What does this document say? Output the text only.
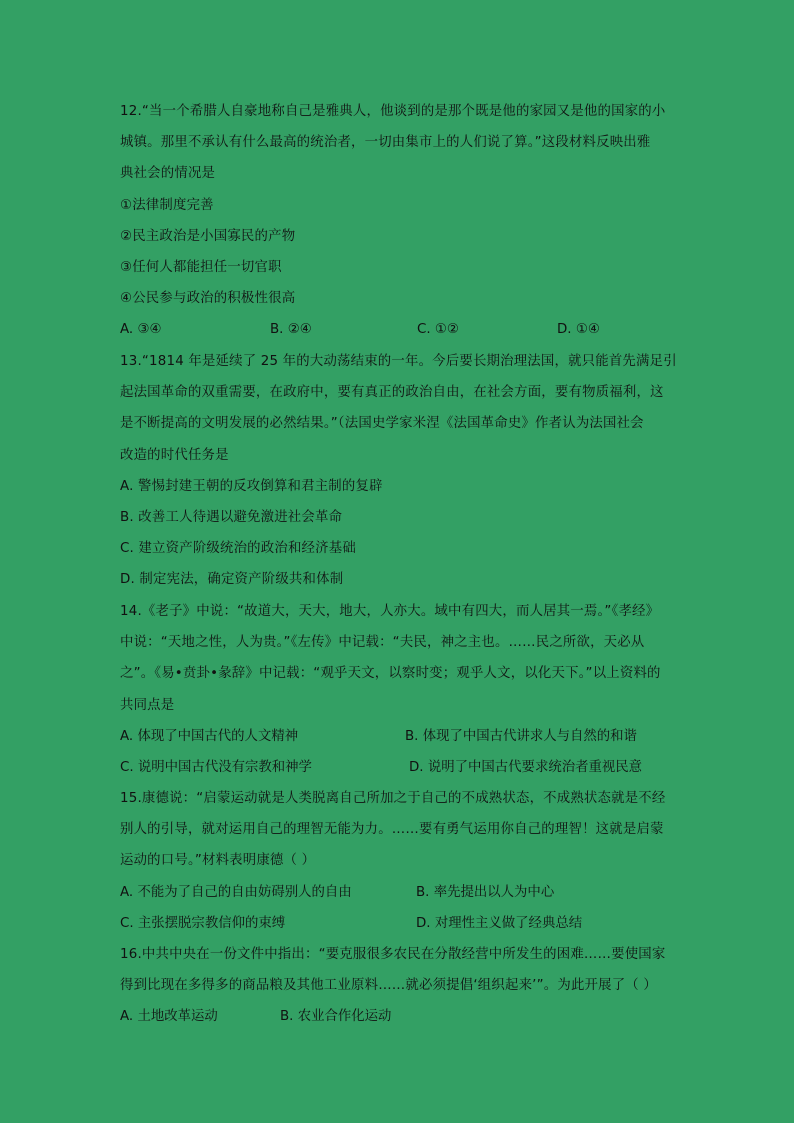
12.“当一个希腊人自豪地称自己是雅典人，他谈到的是那个既是他的家园又是他的国家的小
城镇。那里不承认有什么最高的统治者，一切由集市上的人们说了算。”这段材料反映出雅
典社会的情况是
①法律制度完善
②民主政治是小国寡民的产物
③任何人都能担任一切官职
④公民参与政治的积极性很高
A. ③④	B. ②④	C. ①②	D. ①④
13.“1814 年是延续了 25 年的大动荡结束的一年。今后要长期治理法国，就只能首先满足引
起法国革命的双重需要，在政府中，要有真正的政治自由，在社会方面，要有物质福利，这
是不断提高的文明发展的必然结果。”（法国史学家米涅《法国革命史》作者认为法国社会
改造的时代任务是
A. 警惕封建王朝的反攻倒算和君主制的复辟
B. 改善工人待遇以避免激进社会革命
C. 建立资产阶级统治的政治和经济基础
D. 制定宪法，确定资产阶级共和体制
14.《老子》中说：“故道大，天大，地大，人亦大。域中有四大，而人居其一焉。”《孝经》
中说：“天地之性，人为贵。”《左传》中记载：“夫民，神之主也。……民之所欲，天必从
之”。《易•贲卦•彖辞》中记载：“观乎天文，以察时变；观乎人文，以化天下。”以上资料的
共同点是
A. 体现了中国古代的人文精神	B. 体现了中国古代讲求人与自然的和谐
C. 说明中国古代没有宗教和神学	D. 说明了中国古代要求统治者重视民意
15.康德说：“启蒙运动就是人类脱离自己所加之于自己的不成熟状态，不成熟状态就是不经
别人的引导，就对运用自己的理智无能为力。……要有勇气运用你自己的理智！这就是启蒙
运动的口号。”材料表明康德（ ）
A. 不能为了自己的自由妨碍别人的自由	B. 率先提出以人为中心
C. 主张摆脱宗教信仰的束缚	D. 对理性主义做了经典总结
16.中共中央在一份文件中指出：“要克服很多农民在分散经营中所发生的困难……要使国家
得到比现在多得多的商品粮及其他工业原料……就必须提倡‘组织起来’”。为此开展了（ ）
A. 土地改革运动	B. 农业合作化运动
